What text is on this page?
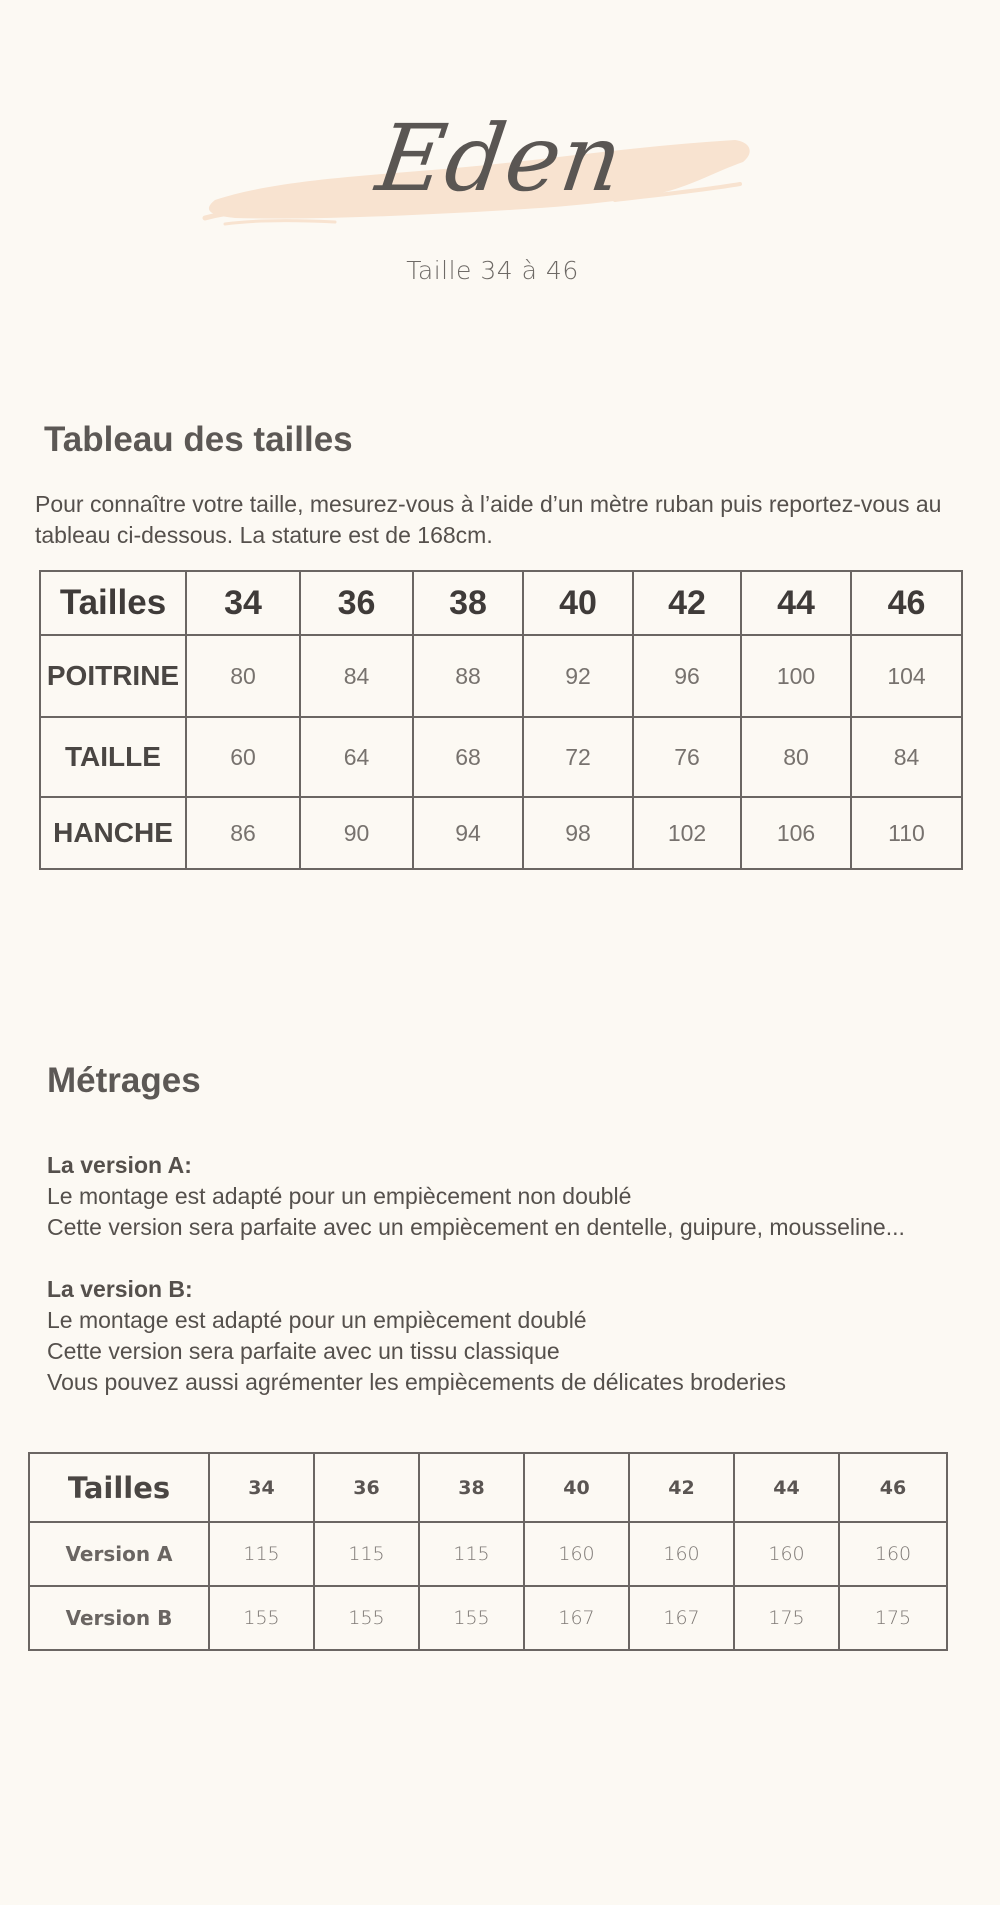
Eden
Taille 34 à 46
Tableau des tailles
Pour connaître votre taille, mesurez-vous à l’aide d’un mètre ruban puis reportez-vous au tableau ci-dessous. La stature est de 168cm.
Tailles	34	36	38	40	42	44	46
POITRINE	80	84	88	92	96	100	104
TAILLE	60	64	68	72	76	80	84
HANCHE	86	90	94	98	102	106	110
Métrages
La version A:
Le montage est adapté pour un empiècement non doublé
Cette version sera parfaite avec un empiècement en dentelle, guipure, mousseline...
La version B:
Le montage est adapté pour un empiècement doublé
Cette version sera parfaite avec un tissu classique
Vous pouvez aussi agrémenter les empiècements de délicates broderies
Tailles	34	36	38	40	42	44	46
Version A	115	115	115	160	160	160	160
Version B	155	155	155	167	167	175	175
